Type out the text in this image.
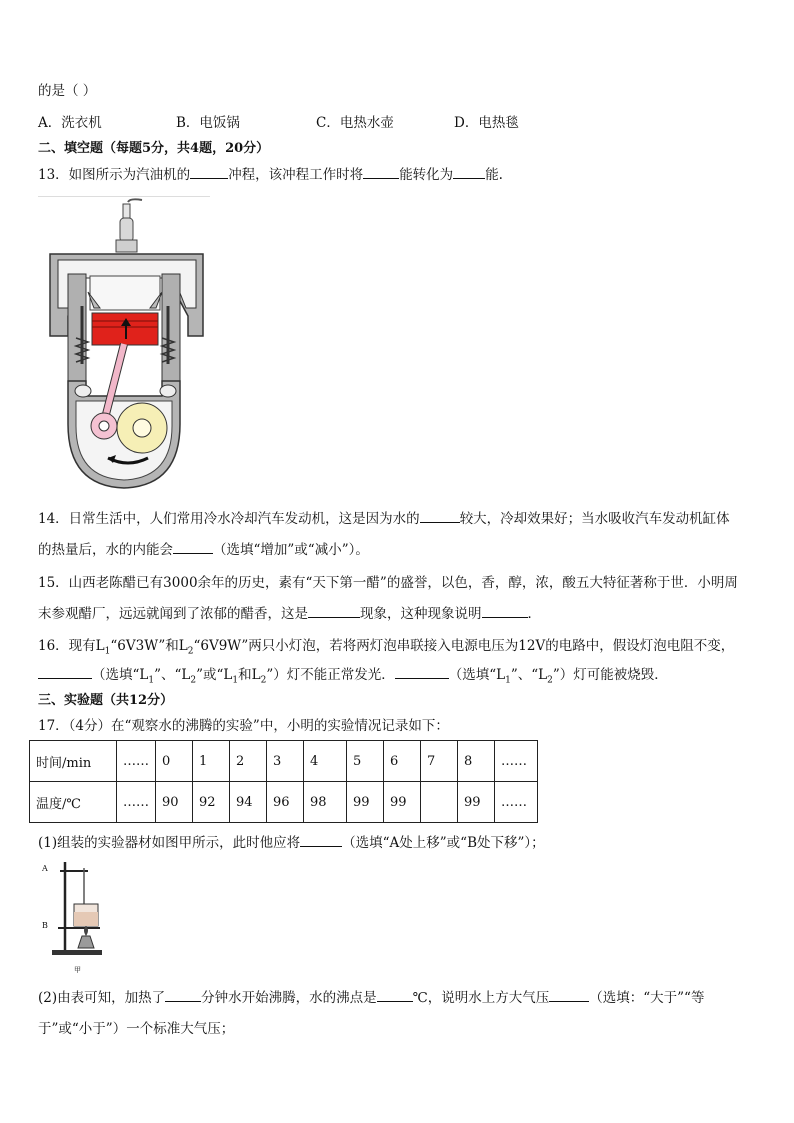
的是（ ）
A．洗衣机	B．电饭锅	C．电热水壶	D．电热毯
二、填空题（每题5分，共4题，20分）
13．如图所示为汽油机的	冲程，该冲程工作时将	能转化为 能.
14．日常生活中，人们常用冷水冷却汽车发动机，这是因为水的	较大，冷却效果好；当水吸收汽车发动机缸体
的热量后，水的内能会	（选填“增加”或“减小”）。
15．山西老陈醋已有3000余年的历史，素有“天下第一醋”的盛誉，以色，香，醇，浓，酸五大特征著称于世．小明周
末参观醋厂，远远就闻到了浓郁的醋香，这是	现象，这种现象说明	．
16．现有$L_1“6V3W$”和$L_2“6V9W$”两只小灯泡，若将两灯泡串联接入电源电压为12V的电路中，假设灯泡电阻不变，
（选填“$L_1$”、“$L_2$”或“$L_1$和$L_2$”）灯不能正常发光．	（选填“$L_1$”、“$L_2$”）灯可能被烧毁．
三、实验题（共12分）
17．（4分）在“观察水的沸腾的实验”中，小明的实验情况记录如下：
时间/min	……	0	1	2	3	4	5	6	7	8	……
温度/℃	……	90	92	94	96	98	99	99		99	……
(1)组装的实验器材如图甲所示，此时他应将	（选填“A处上移”或“B处下移”）；
A
B
甲
(2)由表可知，加热了	分钟水开始沸腾，水的沸点是	℃，说明水上方大气压	（选填：“大于”“等
于”或“小于”）一个标准大气压；
